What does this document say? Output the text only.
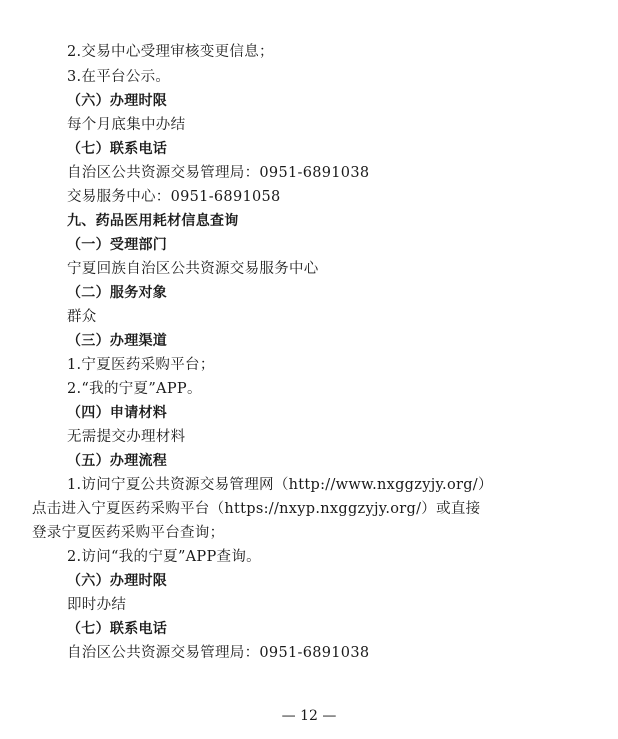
2.交易中心受理审核变更信息；
3.在平台公示。
（六）办理时限
每个月底集中办结
（七）联系电话
自治区公共资源交易管理局：0951-6891038
交易服务中心：0951-6891058
九、药品医用耗材信息查询
（一）受理部门
宁夏回族自治区公共资源交易服务中心
（二）服务对象
群众
（三）办理渠道
1.宁夏医药采购平台；
2.“我的宁夏”APP。
（四）申请材料
无需提交办理材料
（五）办理流程
1.访问宁夏公共资源交易管理网（http://www.nxggzyjy.org/）
点击进入宁夏医药采购平台（https://nxyp.nxggzyjy.org/）或直接
登录宁夏医药采购平台查询；
2.访问“我的宁夏”APP查询。
（六）办理时限
即时办结
（七）联系电话
自治区公共资源交易管理局：0951-6891038
— 12 —
